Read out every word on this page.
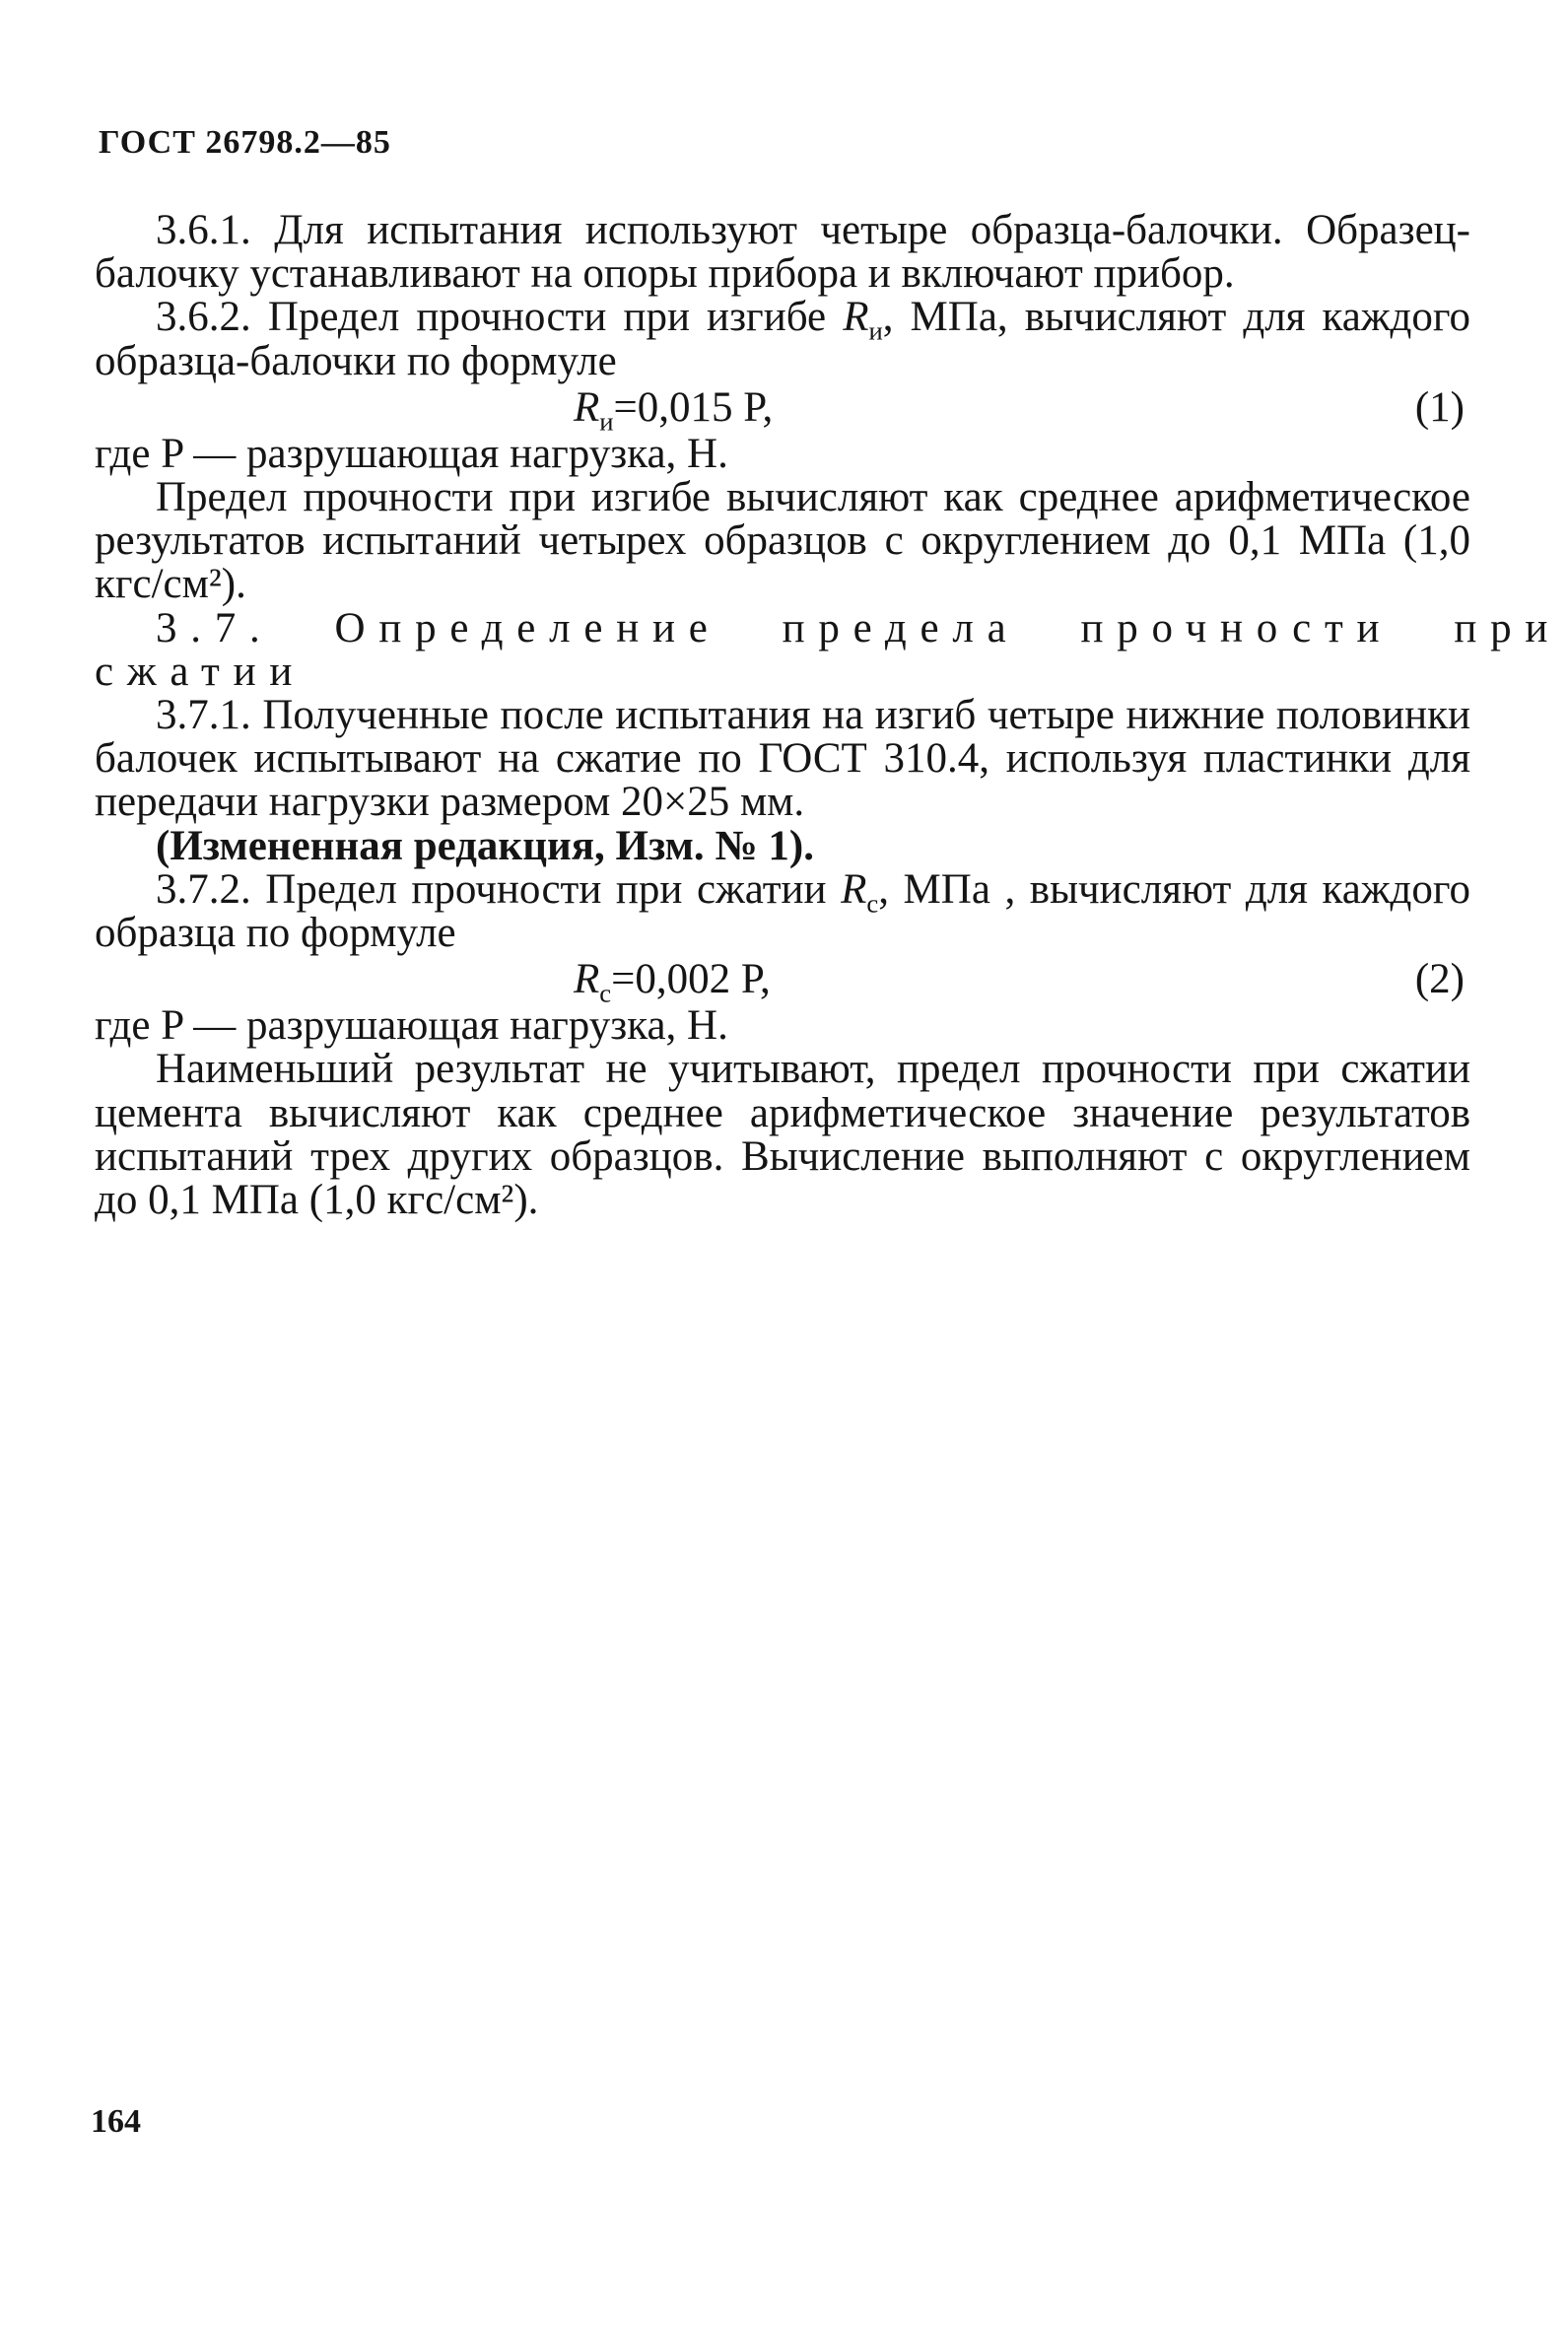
ГОСТ 26798.2—85

3.6.1. Для испытания используют четыре образца-балочки. Образец-балочку устанавливают на опоры прибора и включают прибор.

3.6.2. Предел прочности при изгибе $R_и$, МПа, вычисляют для каждого образца-балочки по формуле

$R_и=0,015$ P,	(1)

где P — разрушающая нагрузка, Н.

Предел прочности при изгибе вычисляют как среднее арифметическое результатов испытаний четырех образцов с округлением до 0,1 МПа (1,0 кгс/см²).

3.7.	Определение	предела	прочности	при

сжатии

3.7.1. Полученные после испытания на изгиб четыре нижние половинки балочек испытывают на сжатие по ГОСТ 310.4, используя пластинки для передачи нагрузки размером 20×25 мм.

(Измененная редакция, Изм. № 1).

3.7.2. Предел прочности при сжатии $R_c$, МПа , вычисляют для каждого образца по формуле

$R_c=0,002$ P,	(2)

где P — разрушающая нагрузка, Н.

Наименьший результат не учитывают, предел прочности при сжатии цемента вычисляют как среднее арифметическое значение результатов испытаний трех других образцов. Вычисление выполняют с округлением до 0,1 МПа (1,0 кгс/см²).

164
